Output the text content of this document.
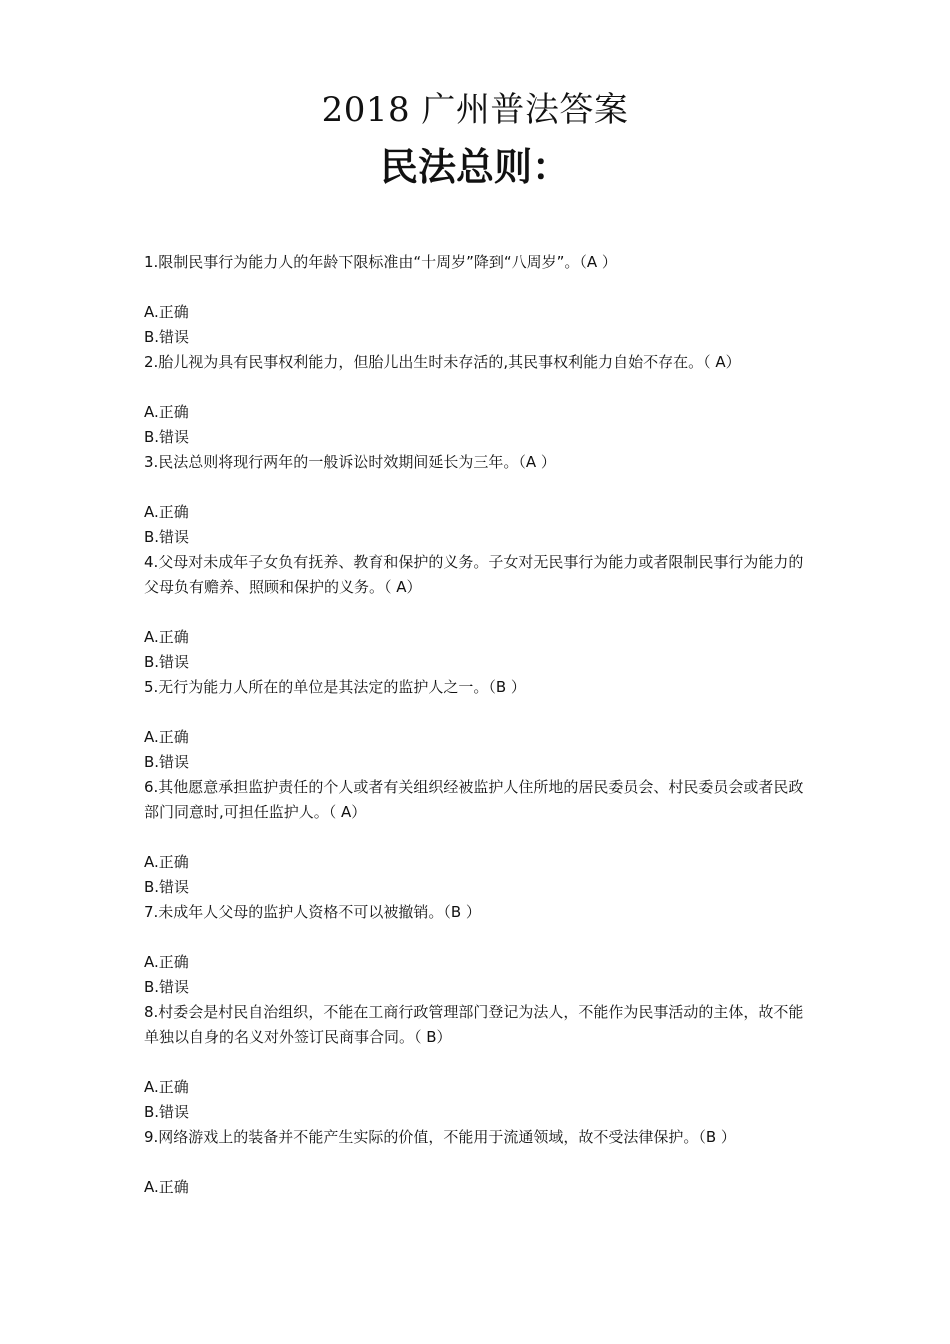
2018 广州普法答案
民法总则：

1.限制民事行为能力人的年龄下限标准由“十周岁”降到“八周岁”。（A ）

A.正确

B.错误

2.胎儿视为具有民事权利能力，但胎儿出生时未存活的,其民事权利能力自始不存在。（ A）

A.正确

B.错误

3.民法总则将现行两年的一般诉讼时效期间延长为三年。（A ）

A.正确

B.错误

4.父母对未成年子女负有抚养、教育和保护的义务。子女对无民事行为能力或者限制民事行为能力的父母负有赡养、照顾和保护的义务。（ A）

A.正确

B.错误

5.无行为能力人所在的单位是其法定的监护人之一。（B ）

A.正确

B.错误

6.其他愿意承担监护责任的个人或者有关组织经被监护人住所地的居民委员会、村民委员会或者民政部门同意时,可担任监护人。（ A）

A.正确

B.错误

7.未成年人父母的监护人资格不可以被撤销。（B ）

A.正确

B.错误

8.村委会是村民自治组织，不能在工商行政管理部门登记为法人，不能作为民事活动的主体，故不能单独以自身的名义对外签订民商事合同。（ B）

A.正确

B.错误

9.网络游戏上的装备并不能产生实际的价值，不能用于流通领域，故不受法律保护。（B ）

A.正确
